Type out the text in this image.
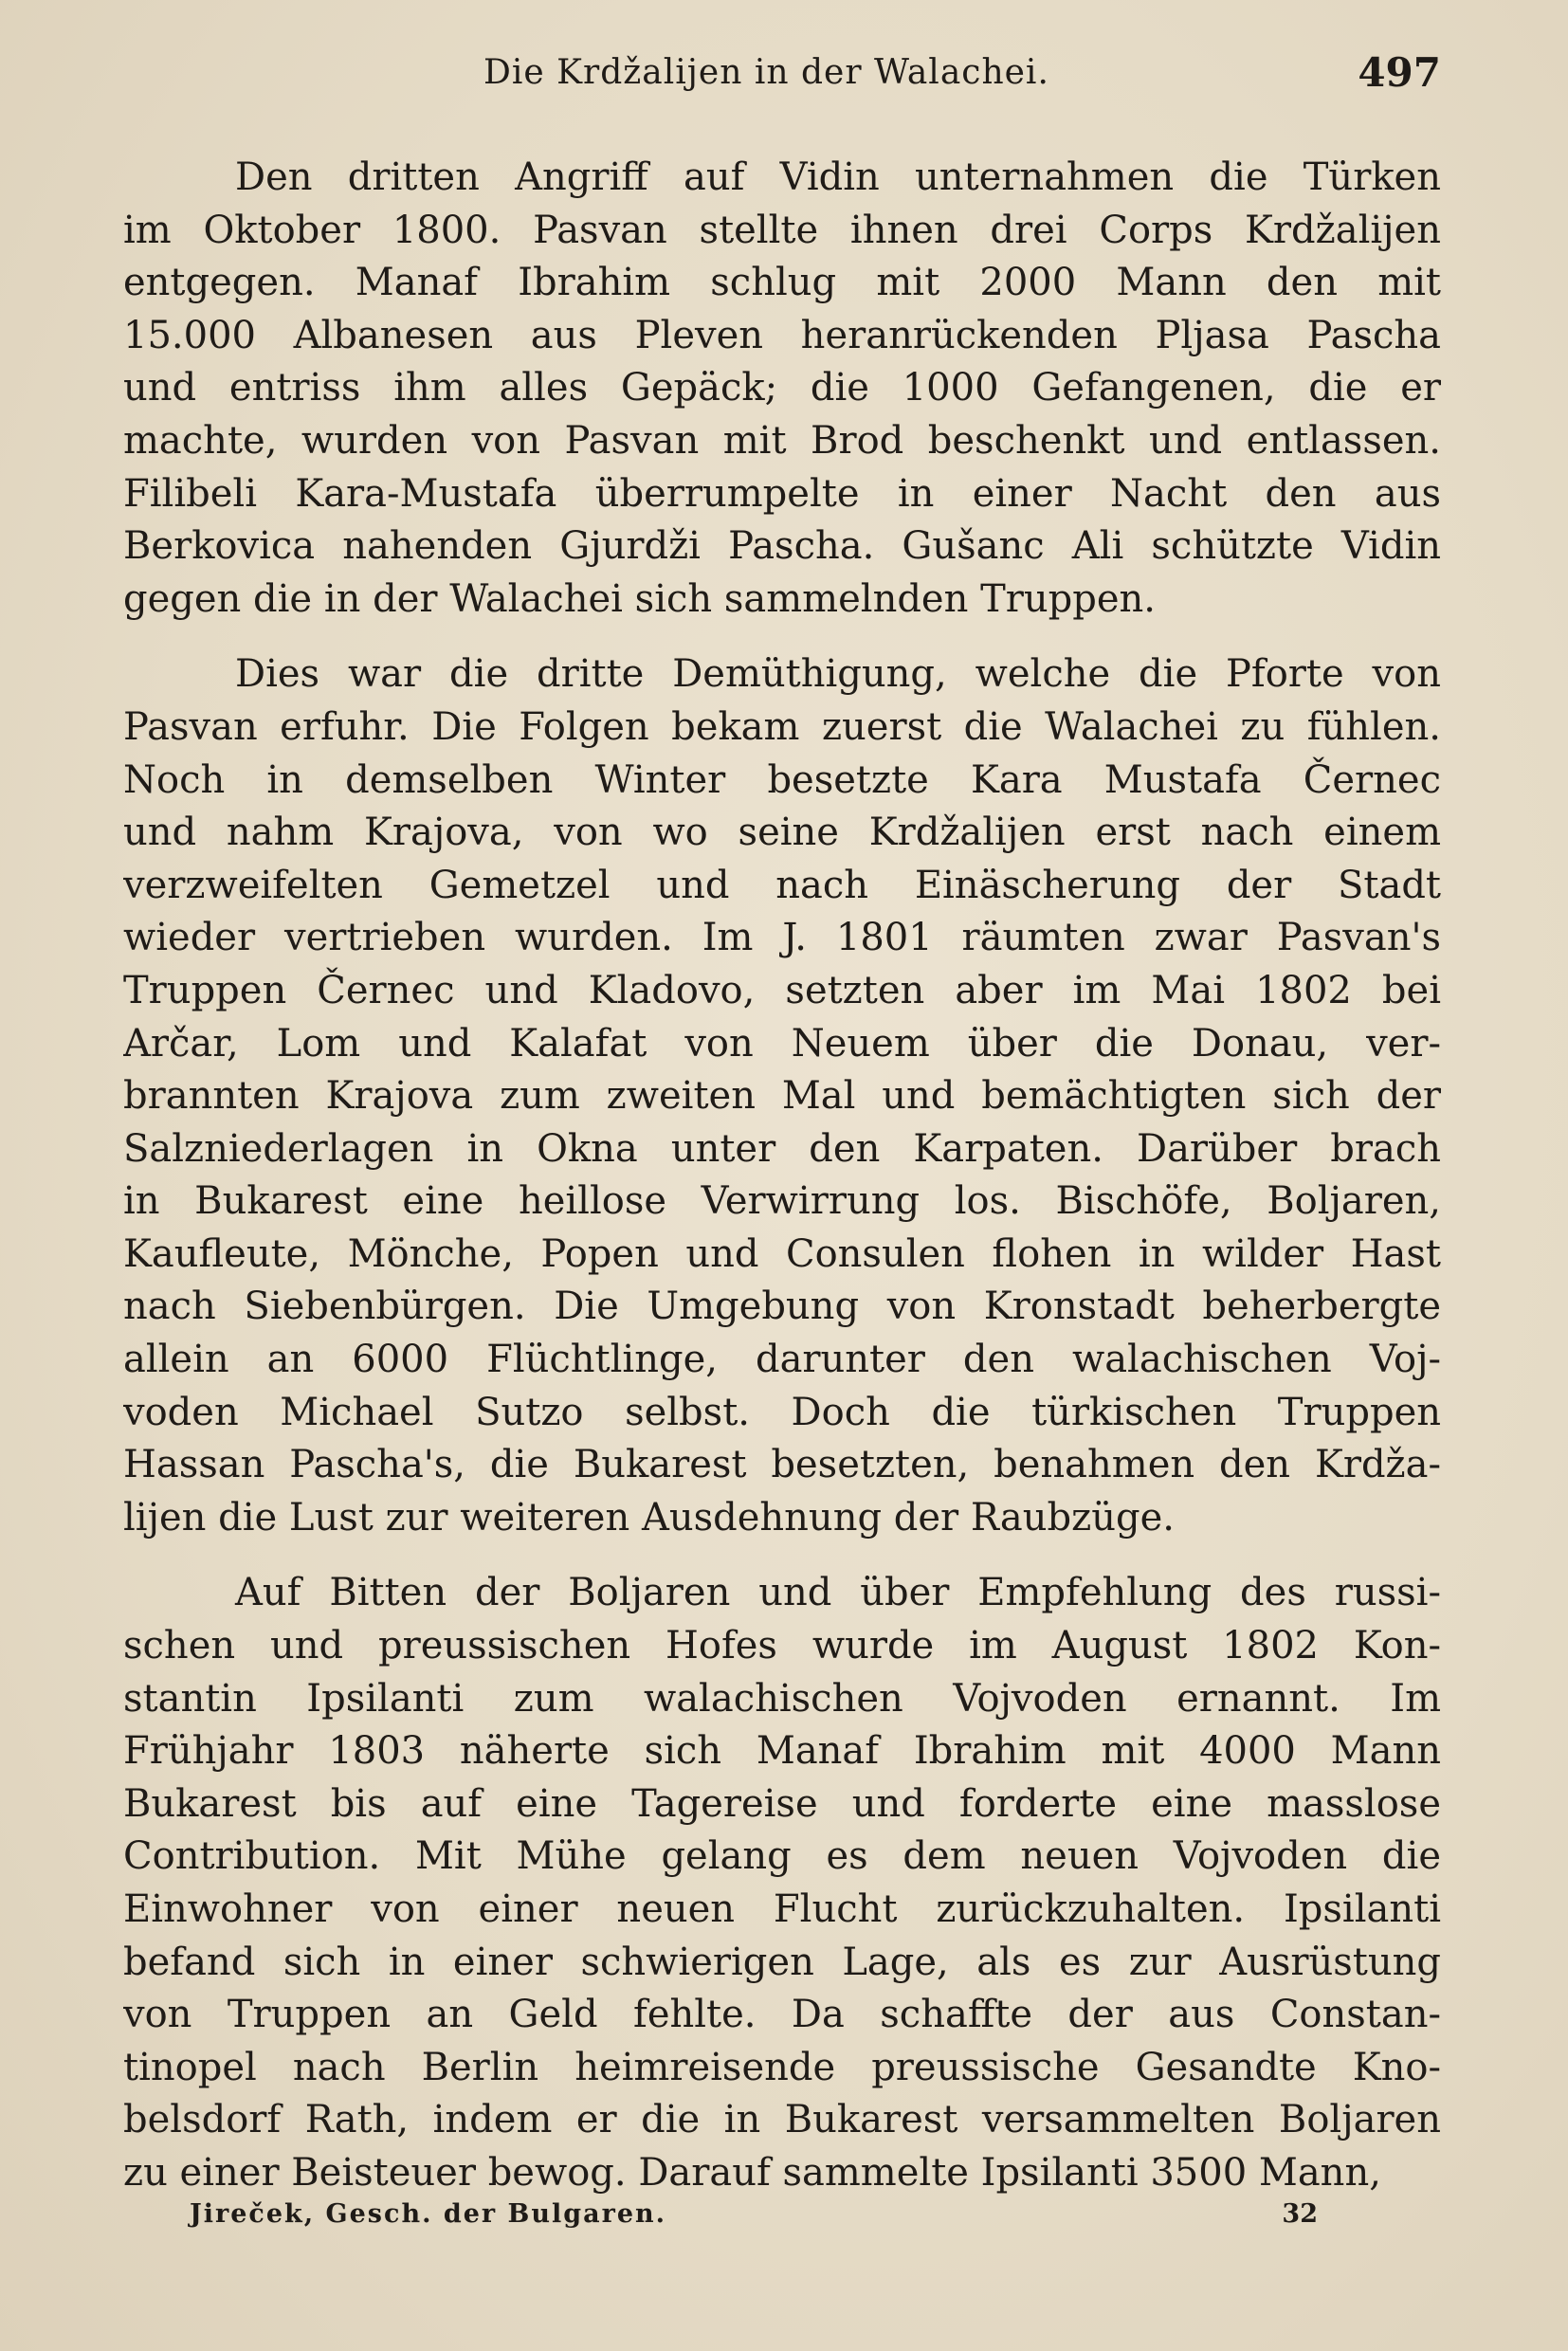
Die Krdžalijen in der Walachei.	497
Den dritten Angriff auf Vidin unternahmen die Türken
im Oktober 1800. Pasvan stellte ihnen drei Corps Krdžalijen
entgegen. Manaf Ibrahim schlug mit 2000 Mann den mit
15.000 Albanesen aus Pleven heranrückenden Pljasa Pascha
und entriss ihm alles Gepäck; die 1000 Gefangenen, die er
machte, wurden von Pasvan mit Brod beschenkt und entlassen.
Filibeli Kara-Mustafa überrumpelte in einer Nacht den aus
Berkovica nahenden Gjurdži Pascha. Gušanc Ali schützte Vidin
gegen die in der Walachei sich sammelnden Truppen.
Dies war die dritte Demüthigung, welche die Pforte von
Pasvan erfuhr. Die Folgen bekam zuerst die Walachei zu fühlen.
Noch in demselben Winter besetzte Kara Mustafa Černec
und nahm Krajova, von wo seine Krdžalijen erst nach einem
verzweifelten Gemetzel und nach Einäscherung der Stadt
wieder vertrieben wurden. Im J. 1801 räumten zwar Pasvan's
Truppen Černec und Kladovo, setzten aber im Mai 1802 bei
Arčar, Lom und Kalafat von Neuem über die Donau, ver-
brannten Krajova zum zweiten Mal und bemächtigten sich der
Salzniederlagen in Okna unter den Karpaten. Darüber brach
in Bukarest eine heillose Verwirrung los. Bischöfe, Boljaren,
Kaufleute, Mönche, Popen und Consulen flohen in wilder Hast
nach Siebenbürgen. Die Umgebung von Kronstadt beherbergte
allein an 6000 Flüchtlinge, darunter den walachischen Voj-
voden Michael Sutzo selbst. Doch die türkischen Truppen
Hassan Pascha's, die Bukarest besetzten, benahmen den Krdža-
lijen die Lust zur weiteren Ausdehnung der Raubzüge.
Auf Bitten der Boljaren und über Empfehlung des russi-
schen und preussischen Hofes wurde im August 1802 Kon-
stantin Ipsilanti zum walachischen Vojvoden ernannt. Im
Frühjahr 1803 näherte sich Manaf Ibrahim mit 4000 Mann
Bukarest bis auf eine Tagereise und forderte eine masslose
Contribution. Mit Mühe gelang es dem neuen Vojvoden die
Einwohner von einer neuen Flucht zurückzuhalten. Ipsilanti
befand sich in einer schwierigen Lage, als es zur Ausrüstung
von Truppen an Geld fehlte. Da schaffte der aus Constan-
tinopel nach Berlin heimreisende preussische Gesandte Kno-
belsdorf Rath, indem er die in Bukarest versammelten Boljaren
zu einer Beisteuer bewog. Darauf sammelte Ipsilanti 3500 Mann,
Jireček, Gesch. der Bulgaren.	32
